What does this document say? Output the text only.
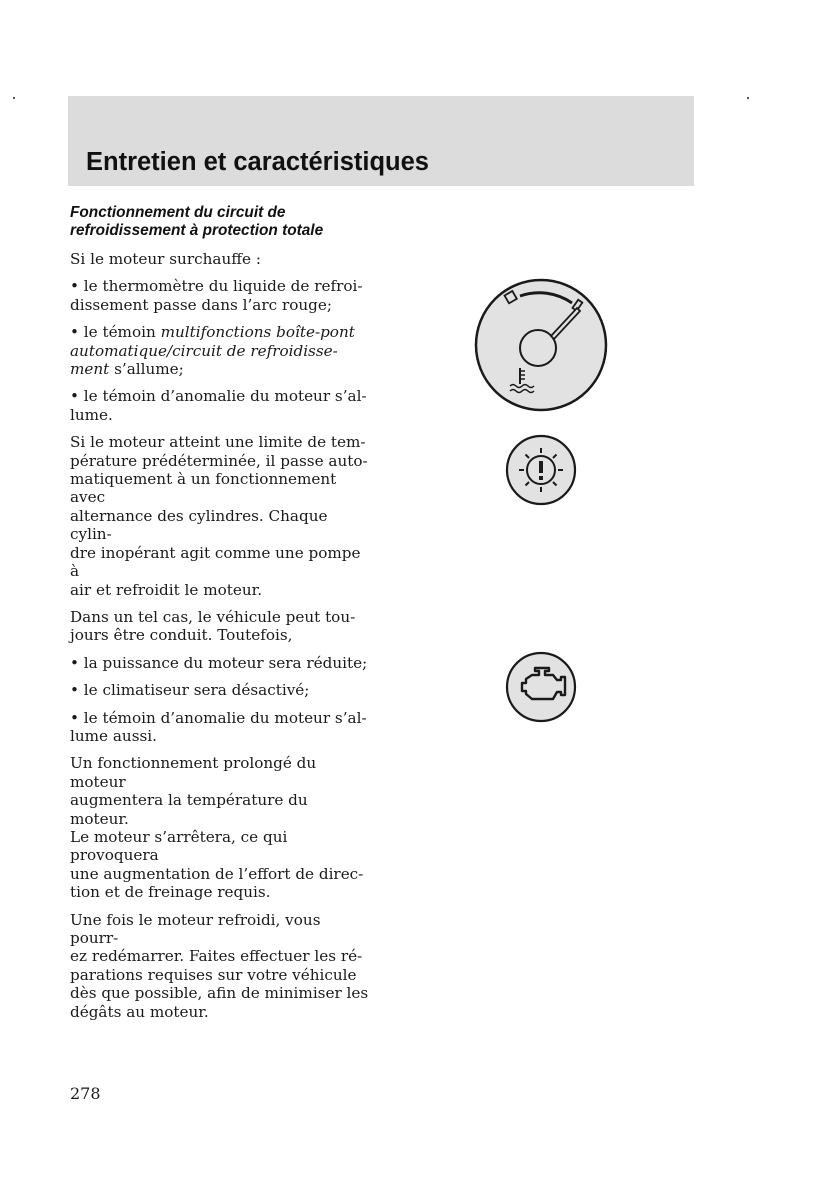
Entretien et caractéristiques
Fonctionnement du circuit de
refroidissement à protection totale

Si le moteur surchauffe :

• le thermomètre du liquide de refroi-
dissement passe dans l’arc rouge;

• le témoin multifonctions boîte-pont
automatique/circuit de refroidisse-
ment s’allume;

• le témoin d’anomalie du moteur s’al-
lume.

Si le moteur atteint une limite de tem-
pérature prédéterminée, il passe auto-
matiquement à un fonctionnement avec
alternance des cylindres. Chaque cylin-
dre inopérant agit comme une pompe à
air et refroidit le moteur.

Dans un tel cas, le véhicule peut tou-
jours être conduit. Toutefois,

• la puissance du moteur sera réduite;

• le climatiseur sera désactivé;

• le témoin d’anomalie du moteur s’al-
lume aussi.

Un fonctionnement prolongé du moteur
augmentera la température du moteur.
Le moteur s’arrêtera, ce qui provoquera
une augmentation de l’effort de direc-
tion et de freinage requis.

Une fois le moteur refroidi, vous pourr-
ez redémarrer. Faites effectuer les ré-
parations requises sur votre véhicule
dès que possible, afin de minimiser les
dégâts au moteur.

278
